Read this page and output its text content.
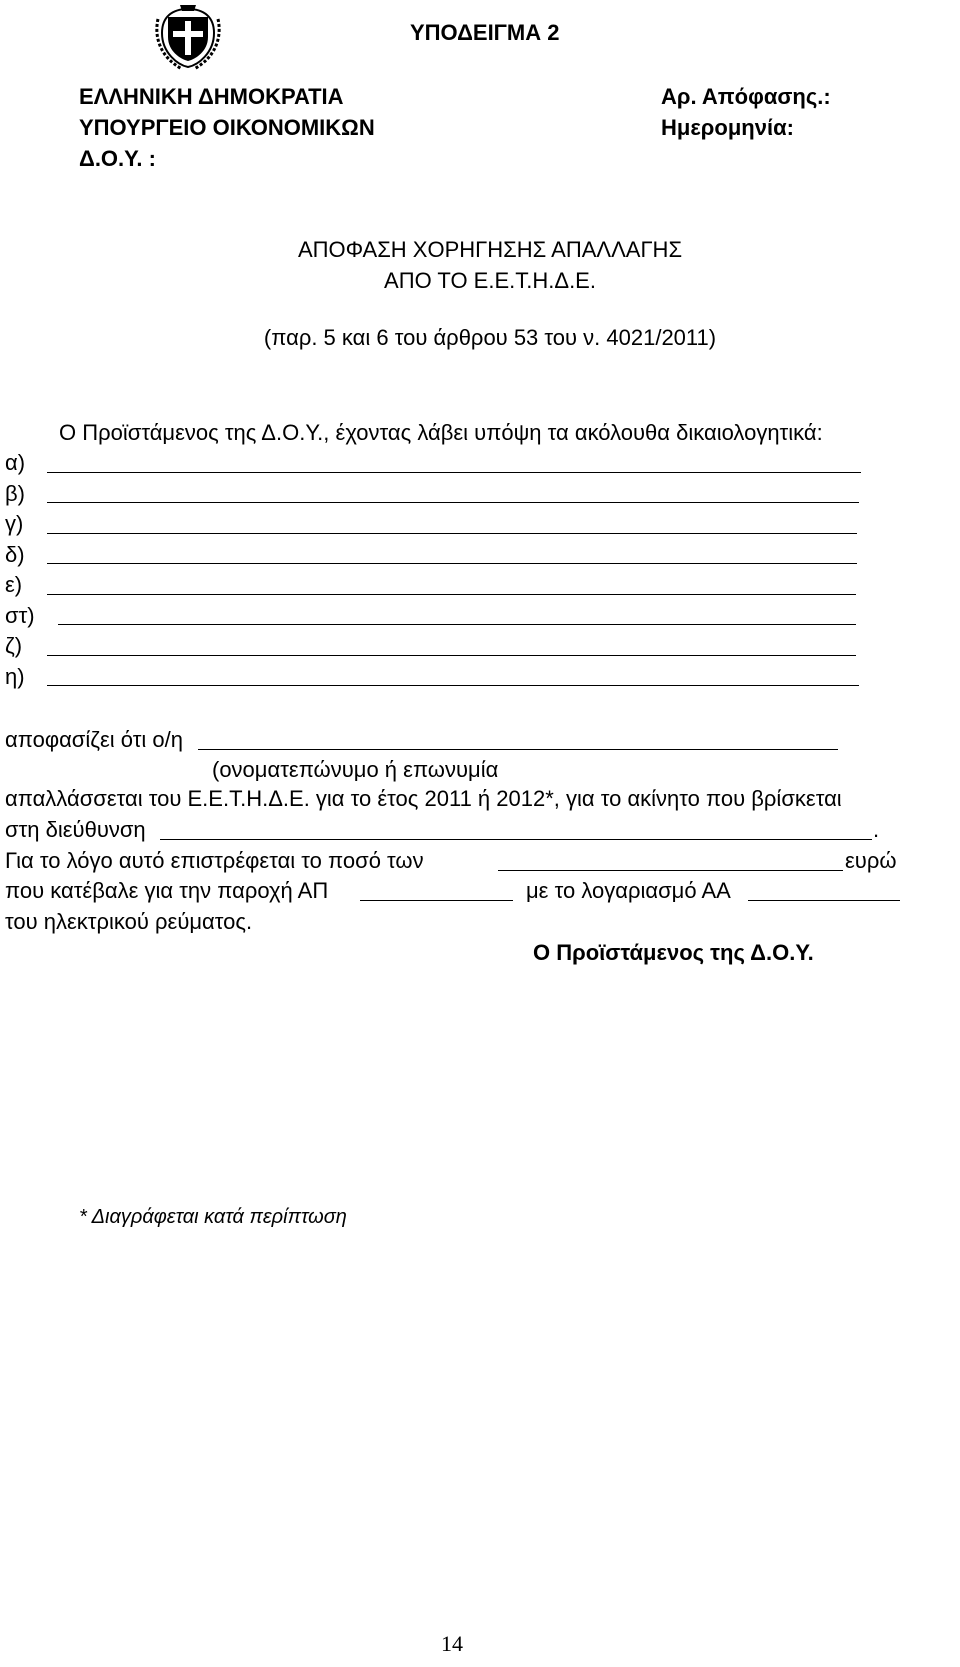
ΥΠΟΔΕΙΓΜΑ 2
ΕΛΛΗΝΙΚΗ ΔΗΜΟΚΡΑΤΙΑ
ΥΠΟΥΡΓΕΙΟ ΟΙΚΟΝΟΜΙΚΩΝ
Δ.Ο.Υ. :
Αρ. Απόφασης.:
Ημερομηνία:
ΑΠΟΦΑΣΗ ΧΟΡΗΓΗΣΗΣ ΑΠΑΛΛΑΓΗΣ
ΑΠΟ ΤΟ Ε.Ε.Τ.Η.Δ.Ε.
(παρ. 5 και 6 του άρθρου 53 του ν. 4021/2011)
Ο Προϊστάμενος της Δ.Ο.Υ., έχοντας λάβει υπόψη τα ακόλουθα δικαιολογητικά:
α)
β)
γ)
δ)
ε)
στ)
ζ)
η)
αποφασίζει ότι ο/η
(ονοματεπώνυμο ή επωνυμία
απαλλάσσεται του Ε.Ε.Τ.Η.Δ.Ε. για το έτος 2011 ή 2012*, για το ακίνητο που βρίσκεται
στη διεύθυνση	.
Για το λόγο αυτό επιστρέφεται το ποσό των	ευρώ
που κατέβαλε για την παροχή ΑΠ	με το λογαριασμό ΑΑ
του ηλεκτρικού ρεύματος.
Ο Προϊστάμενος της Δ.Ο.Υ.
* Διαγράφεται κατά περίπτωση
14
